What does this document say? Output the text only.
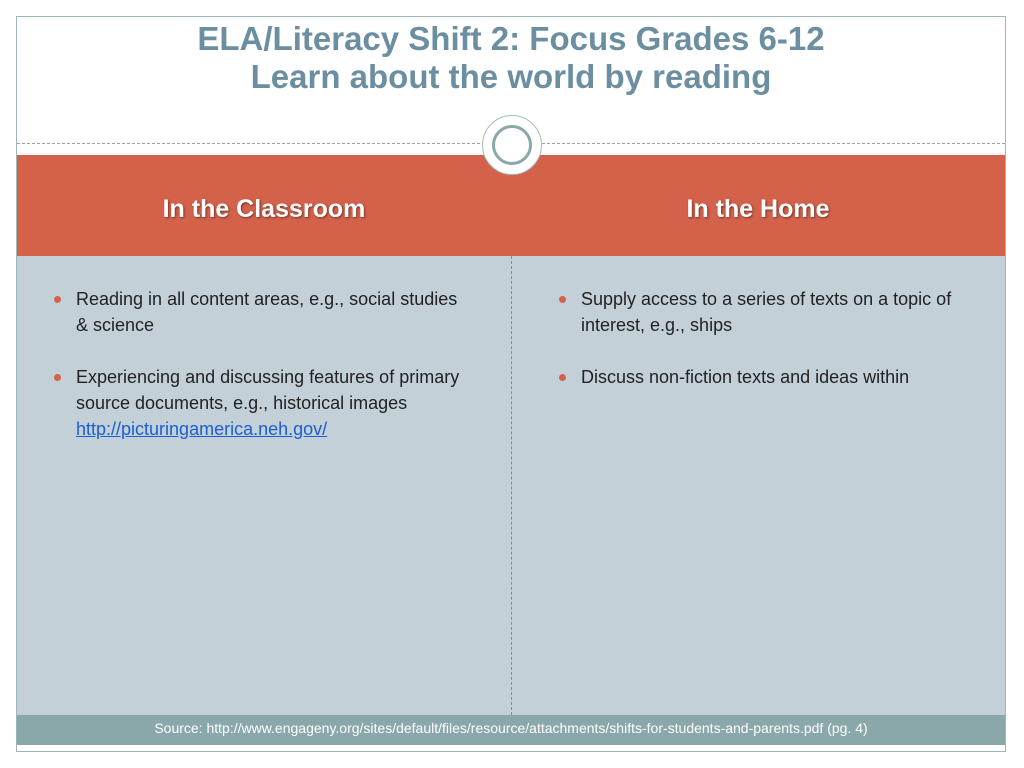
ELA/Literacy Shift 2: Focus Grades 6-12
Learn about the world by reading
In the Classroom	In the Home
Reading in all content areas, e.g., social studies & science
Experiencing and discussing features of primary source documents, e.g., historical images
http://picturingamerica.neh.gov/
Supply access to a series of texts on a topic of interest, e.g., ships
Discuss non-fiction texts and ideas within
Source: http://www.engageny.org/sites/default/files/resource/attachments/shifts-for-students-and-parents.pdf (pg. 4)
